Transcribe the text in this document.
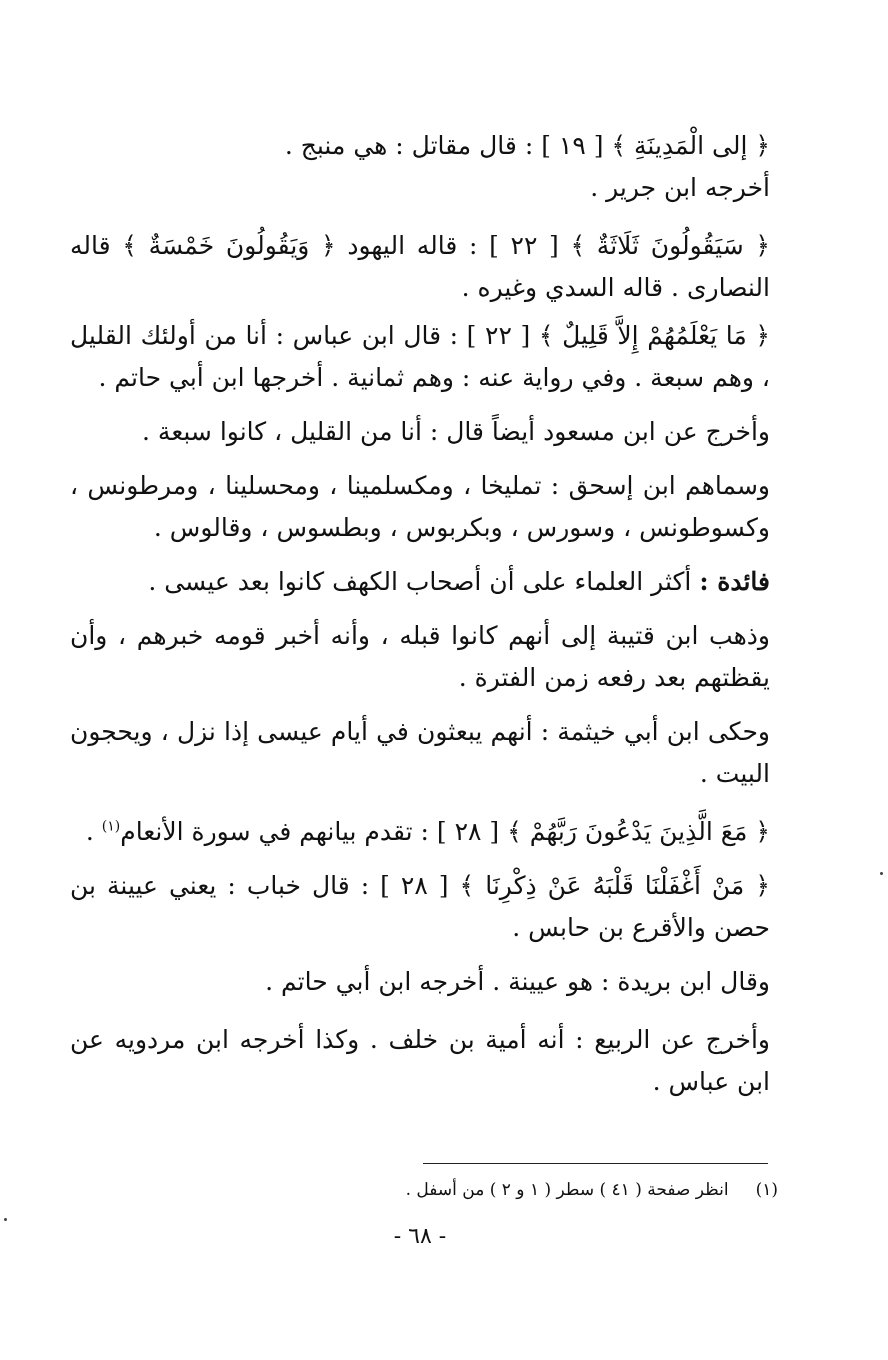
﴿ إلى الْمَدِينَةِ ﴾ [ ١٩ ] : قال مقاتل : هي منبج .

أخرجه ابن جرير .

﴿ سَيَقُولُونَ ثَلَاثَةٌ ﴾ [ ٢٢ ] : قاله اليهود ﴿ وَيَقُولُونَ خَمْسَةٌ ﴾ قاله النصارى . قاله السدي وغيره .

﴿ مَا يَعْلَمُهُمْ إِلاَّ قَلِيلٌ ﴾ [ ٢٢ ] : قال ابن عباس : أنا من أولئك القليل ، وهم سبعة . وفي رواية عنه : وهم ثمانية . أخرجها ابن أبي حاتم .

وأخرج عن ابن مسعود أيضاً قال : أنا من القليل ، كانوا سبعة .

وسماهم ابن إسحق : تمليخا ، ومكسلمينا ، ومحسلينا ، ومرطونس ، وكسوطونس ، وسورس ، وبكربوس ، وبطسوس ، وقالوس .

فائدة : أكثر العلماء على أن أصحاب الكهف كانوا بعد عيسى .

وذهب ابن قتيبة إلى أنهم كانوا قبله ، وأنه أخبر قومه خبرهم ، وأن يقظتهم بعد رفعه زمن الفترة .

وحكى ابن أبي خيثمة : أنهم يبعثون في أيام عيسى إذا نزل ، ويحجون البيت .

﴿ مَعَ الَّذِينَ يَدْعُونَ رَبَّهُمْ ﴾ [ ٢٨ ] : تقدم بيانهم في سورة الأنعام$^{(١)}$ .

﴿ مَنْ أَغْفَلْنَا قَلْبَهُ عَنْ ذِكْرِنَا ﴾ [ ٢٨ ] : قال خباب : يعني عيينة بن حصن والأقرع بن حابس .

وقال ابن بريدة : هو عيينة . أخرجه ابن أبي حاتم .

وأخرج عن الربيع : أنه أمية بن خلف . وكذا أخرجه ابن مردويه عن ابن عباس .

(١)     انظر صفحة ( ٤١ ) سطر ( ١ و ٢ ) من أسفل .
- ٦٨ -
